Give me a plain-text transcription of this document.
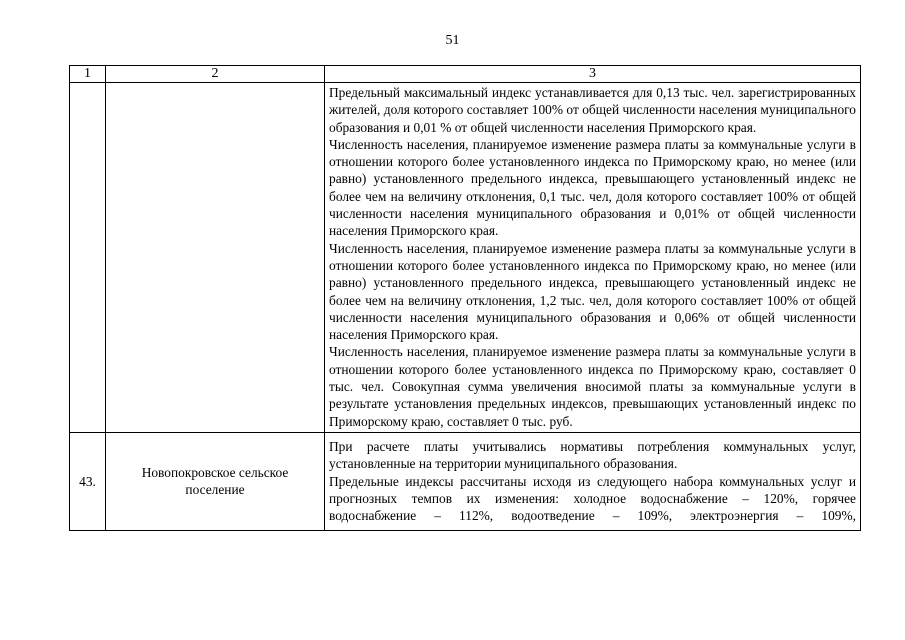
51
1	2	3

		Предельный максимальный индекс устанавливается для 0,13 тыс. чел. зарегистрированных жителей, доля которого составляет 100% от общей численности населения муниципального образования и 0,01 % от общей численности населения Приморского края.

Численность населения, планируемое изменение размера платы за коммунальные услуги в отношении которого более установленного индекса по Приморскому краю, но менее (или равно) установленного предельного индекса, превышающего установленный индекс не более чем на величину отклонения, 0,1 тыс. чел, доля которого составляет 100% от общей численности населения муниципального образования и 0,01% от общей численности населения Приморского края.

Численность населения, планируемое изменение размера платы за коммунальные услуги в отношении которого более установленного индекса по Приморскому краю, но менее (или равно) установленного предельного индекса, превышающего установленный индекс не более чем на величину отклонения, 1,2 тыс. чел, доля которого составляет 100% от общей численности населения муниципального образования и 0,06% от общей численности населения Приморского края.

Численность населения, планируемое изменение размера платы за коммунальные услуги в отношении которого более установленного индекса по Приморскому краю, составляет 0 тыс. чел. Совокупная сумма увеличения вносимой платы за коммунальные услуги в результате установления предельных индексов, превышающих установленный индекс по Приморскому краю, составляет 0 тыс. руб.

43.	Новопокровское сельское поселение	При расчете платы учитывались нормативы потребления коммунальных услуг, установленные на территории муниципального образования.

Предельные индексы рассчитаны исходя из следующего набора коммунальных услуг и прогнозных темпов их изменения: холодное водоснабжение – 120%, горячее водоснабжение – 112%, водоотведение – 109%, электроэнергия – 109%,
